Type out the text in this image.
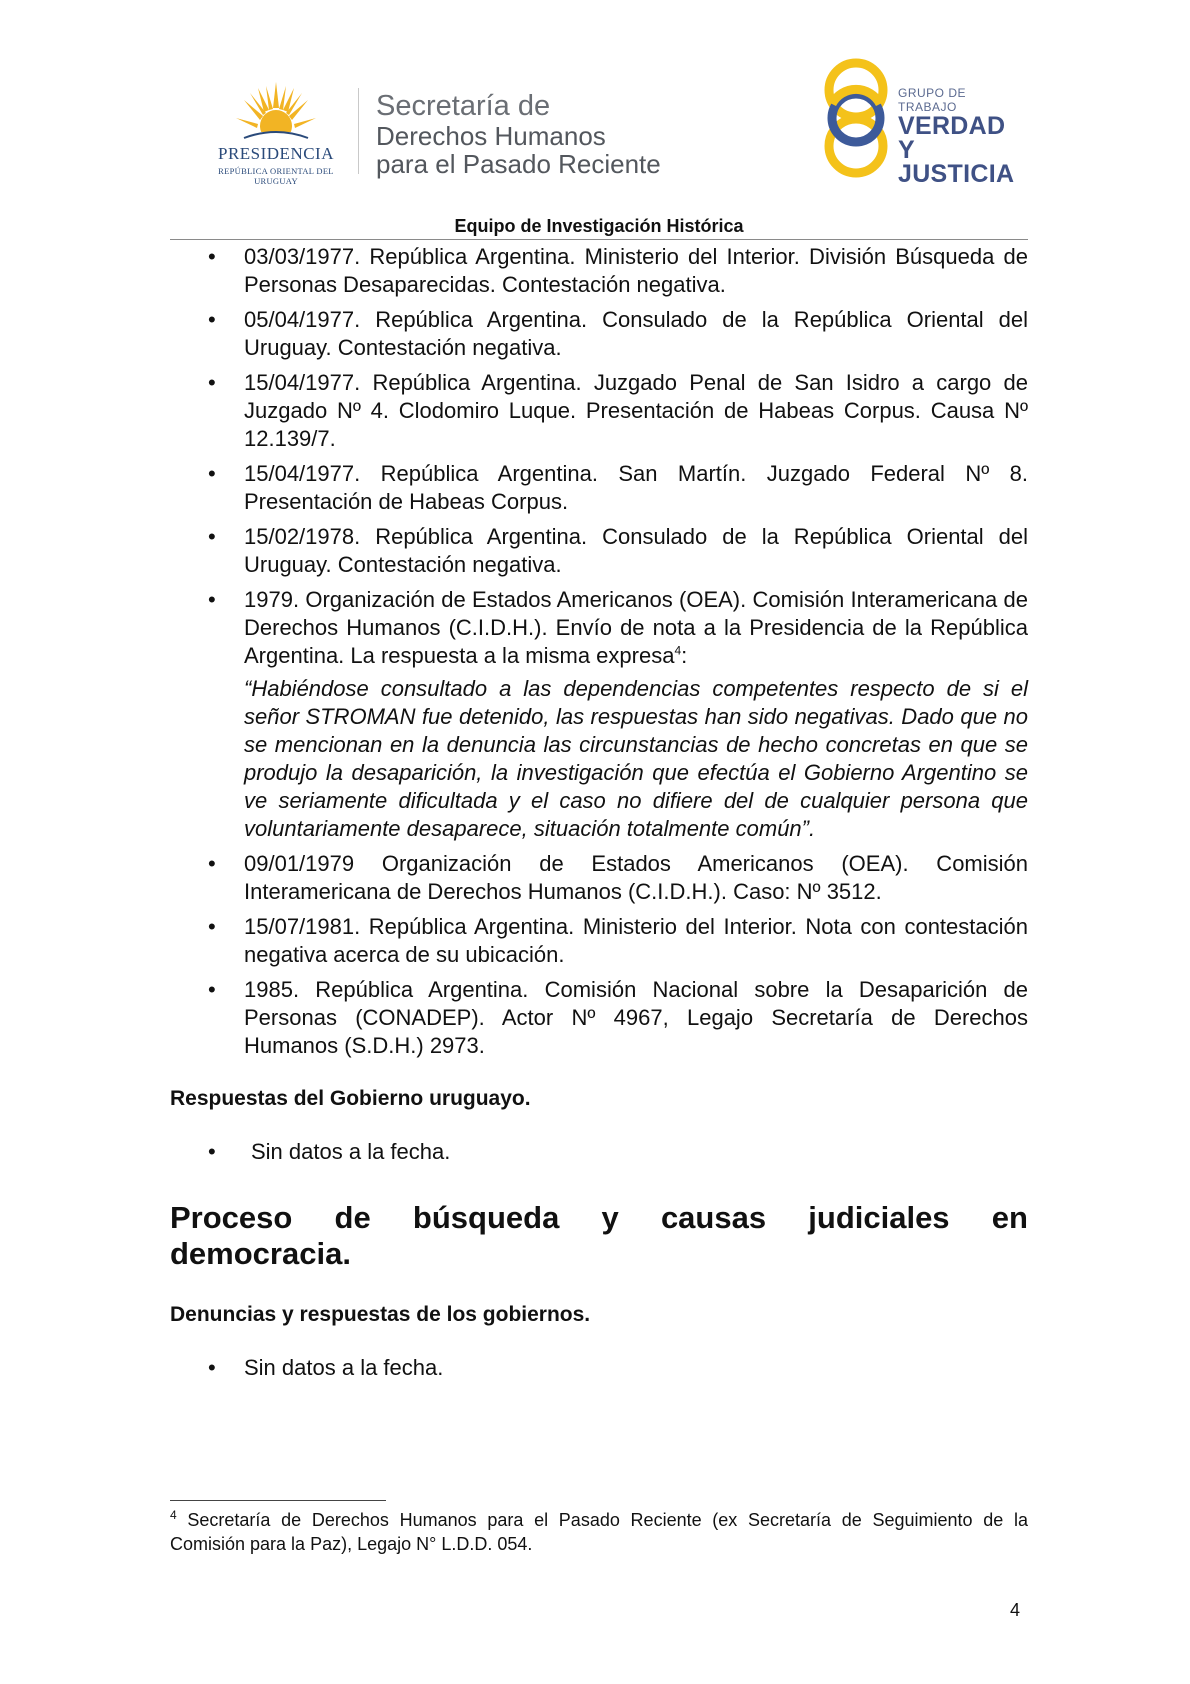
PRESIDENCIA
REPÚBLICA ORIENTAL DEL URUGUAY
Secretaría de
Derechos Humanos
para el Pasado Reciente
GRUPO DE TRABAJO
VERDAD Y
JUSTICIA
Equipo de Investigación Histórica
• 03/03/1977. República Argentina. Ministerio del Interior. División Búsqueda de Personas Desaparecidas. Contestación negativa.
• 05/04/1977. República Argentina. Consulado de la República Oriental del Uruguay. Contestación negativa.
• 15/04/1977. República Argentina. Juzgado Penal de San Isidro a cargo de Juzgado Nº 4. Clodomiro Luque. Presentación de Habeas Corpus. Causa Nº 12.139/7.
• 15/04/1977. República Argentina. San Martín. Juzgado Federal Nº 8. Presentación de Habeas Corpus.
• 15/02/1978. República Argentina. Consulado de la República Oriental del Uruguay. Contestación negativa.
• 1979. Organización de Estados Americanos (OEA). Comisión Interamericana de Derechos Humanos (C.I.D.H.). Envío de nota a la Presidencia de la República Argentina. La respuesta a la misma expresa$^4$:
“Habiéndose consultado a las dependencias competentes respecto de si el señor STROMAN fue detenido, las respuestas han sido negativas. Dado que no se mencionan en la denuncia las circunstancias de hecho concretas en que se produjo la desaparición, la investigación que efectúa el Gobierno Argentino se ve seriamente dificultada y el caso no difiere del de cualquier persona que voluntariamente desaparece, situación totalmente común”.
• 09/01/1979 Organización de Estados Americanos (OEA). Comisión Interamericana de Derechos Humanos (C.I.D.H.). Caso: Nº 3512.
• 15/07/1981. República Argentina. Ministerio del Interior. Nota con contestación negativa acerca de su ubicación.
• 1985. República Argentina. Comisión Nacional sobre la Desaparición de Personas (CONADEP). Actor Nº 4967, Legajo Secretaría de Derechos Humanos (S.D.H.) 2973.
Respuestas del Gobierno uruguayo.
• Sin datos a la fecha.
Proceso de búsqueda y causas judiciales en
democracia.
Denuncias y respuestas de los gobiernos.
• Sin datos a la fecha.
$^4$ Secretaría de Derechos Humanos para el Pasado Reciente (ex Secretaría de Seguimiento de la Comisión para la Paz), Legajo N° L.D.D. 054.
4
